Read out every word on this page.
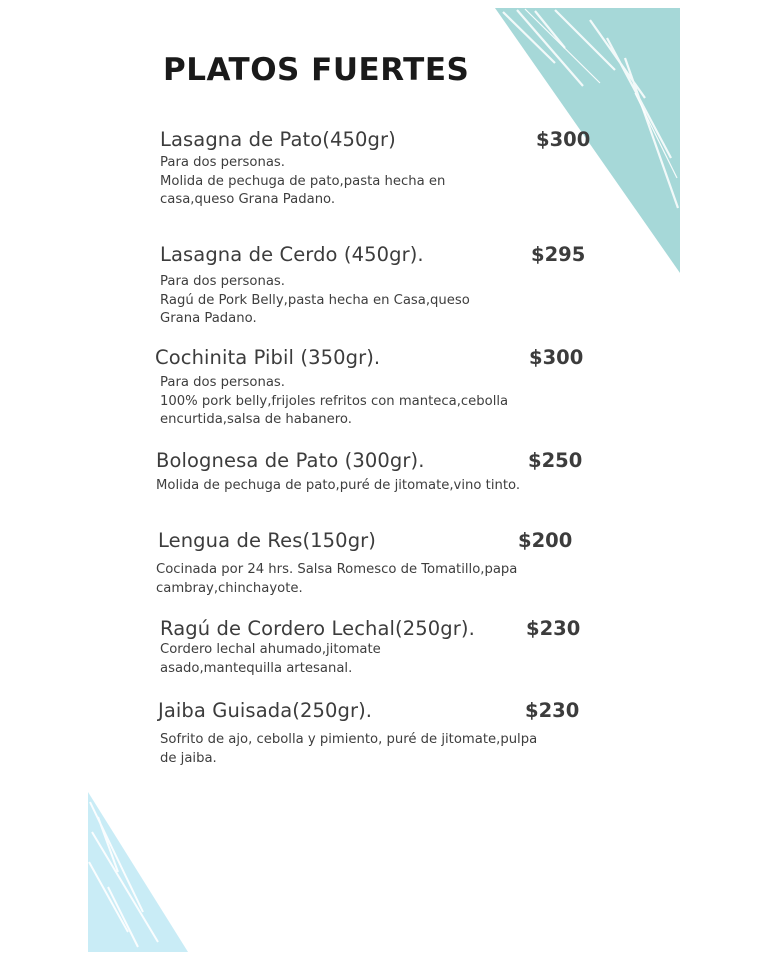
PLATOS FUERTES
Lasagna de Pato(450gr)	$300
Para dos personas.
Molida de pechuga de pato,pasta hecha en
casa,queso Grana Padano.
Lasagna de Cerdo (450gr).	$295
Para dos personas.
Ragú de Pork Belly,pasta hecha en Casa,queso
Grana Padano.
Cochinita Pibil (350gr).	$300
Para dos personas.
100% pork belly,frijoles refritos con manteca,cebolla
encurtida,salsa de habanero.
Bolognesa de Pato (300gr).	$250
Molida de pechuga de pato,puré de jitomate,vino tinto.
Lengua de Res(150gr)	$200
Cocinada por 24 hrs. Salsa Romesco de Tomatillo,papa
cambray,chinchayote.
Ragú de Cordero Lechal(250gr).	$230
Cordero lechal ahumado,jitomate
asado,mantequilla artesanal.
Jaiba Guisada(250gr).	$230
Sofrito de ajo, cebolla y pimiento, puré de jitomate,pulpa
de jaiba.
